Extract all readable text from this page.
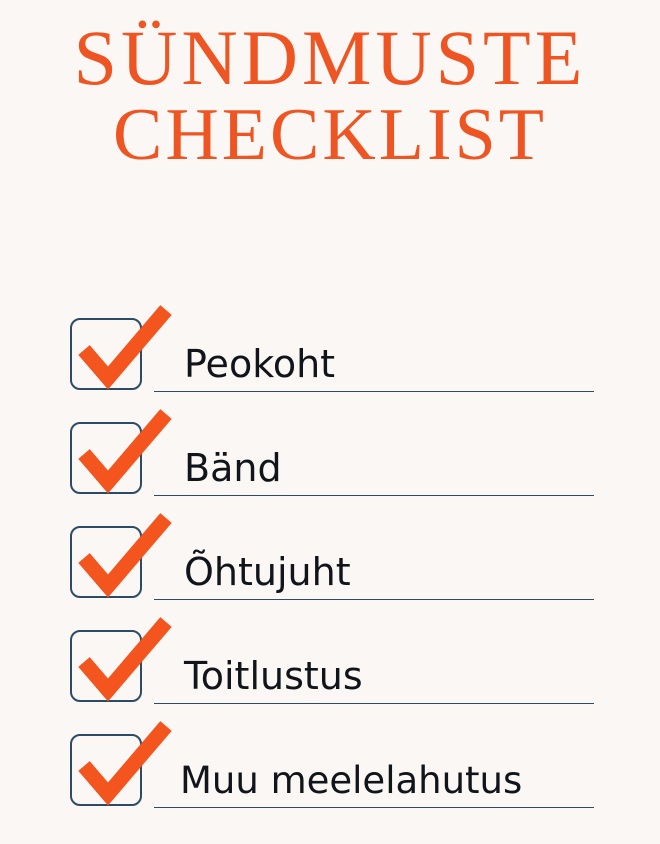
SÜNDMUSTE
CHECKLIST
Peokoht
Bänd
Õhtujuht
Toitlustus
Muu meelelahutus
